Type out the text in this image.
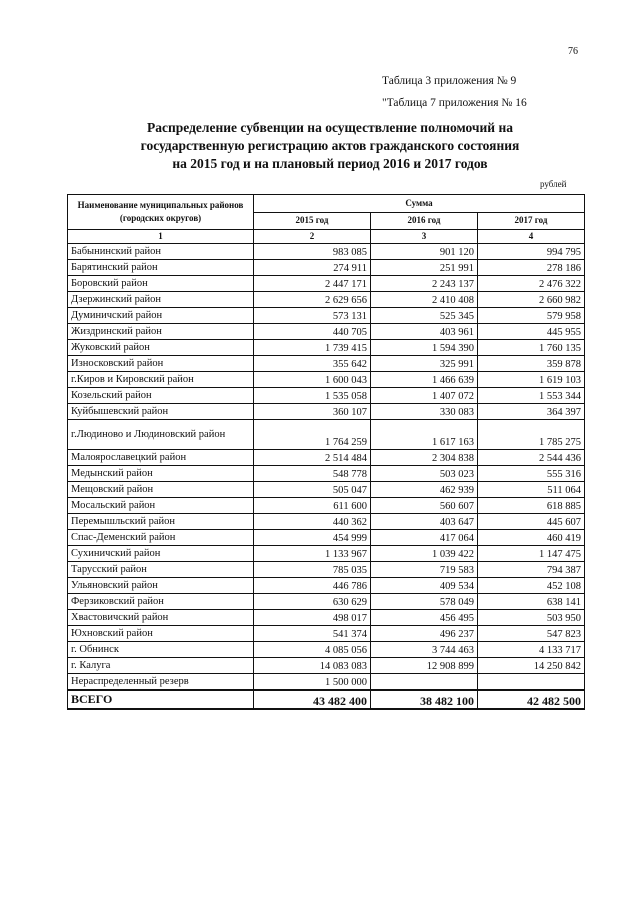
76
Таблица 3 приложения № 9
"Таблица 7 приложения № 16
Распределение субвенции на осуществление полномочий на
государственную регистрацию актов гражданского состояния
на 2015 год и на плановый период 2016 и 2017 годов
рублей
Наименование муниципальных районов (городских округов)	Сумма		
	2015 год	2016 год	2017 год
1	2	3	4
Бабынинский район	983 085	901 120	994 795
Барятинский район	274 911	251 991	278 186
Боровский район	2 447 171	2 243 137	2 476 322
Дзержинский район	2 629 656	2 410 408	2 660 982
Думиничский район	573 131	525 345	579 958
Жиздринский район	440 705	403 961	445 955
Жуковский район	1 739 415	1 594 390	1 760 135
Износковский район	355 642	325 991	359 878
г.Киров и Кировский район	1 600 043	1 466 639	1 619 103
Козельский район	1 535 058	1 407 072	1 553 344
Куйбышевский район	360 107	330 083	364 397
г.Людиново и Людиновский район	1 764 259	1 617 163	1 785 275
Малоярославецкий район	2 514 484	2 304 838	2 544 436
Медынский район	548 778	503 023	555 316
Мещовский район	505 047	462 939	511 064
Мосальский район	611 600	560 607	618 885
Перемышльский район	440 362	403 647	445 607
Спас-Деменский район	454 999	417 064	460 419
Сухиничский район	1 133 967	1 039 422	1 147 475
Тарусский район	785 035	719 583	794 387
Ульяновский район	446 786	409 534	452 108
Ферзиковский район	630 629	578 049	638 141
Хвастовичский район	498 017	456 495	503 950
Юхновский район	541 374	496 237	547 823
г. Обнинск	4 085 056	3 744 463	4 133 717
г. Калуга	14 083 083	12 908 899	14 250 842
Нераспределенный резерв	1 500 000		
ВСЕГО	43 482 400	38 482 100	42 482 500
